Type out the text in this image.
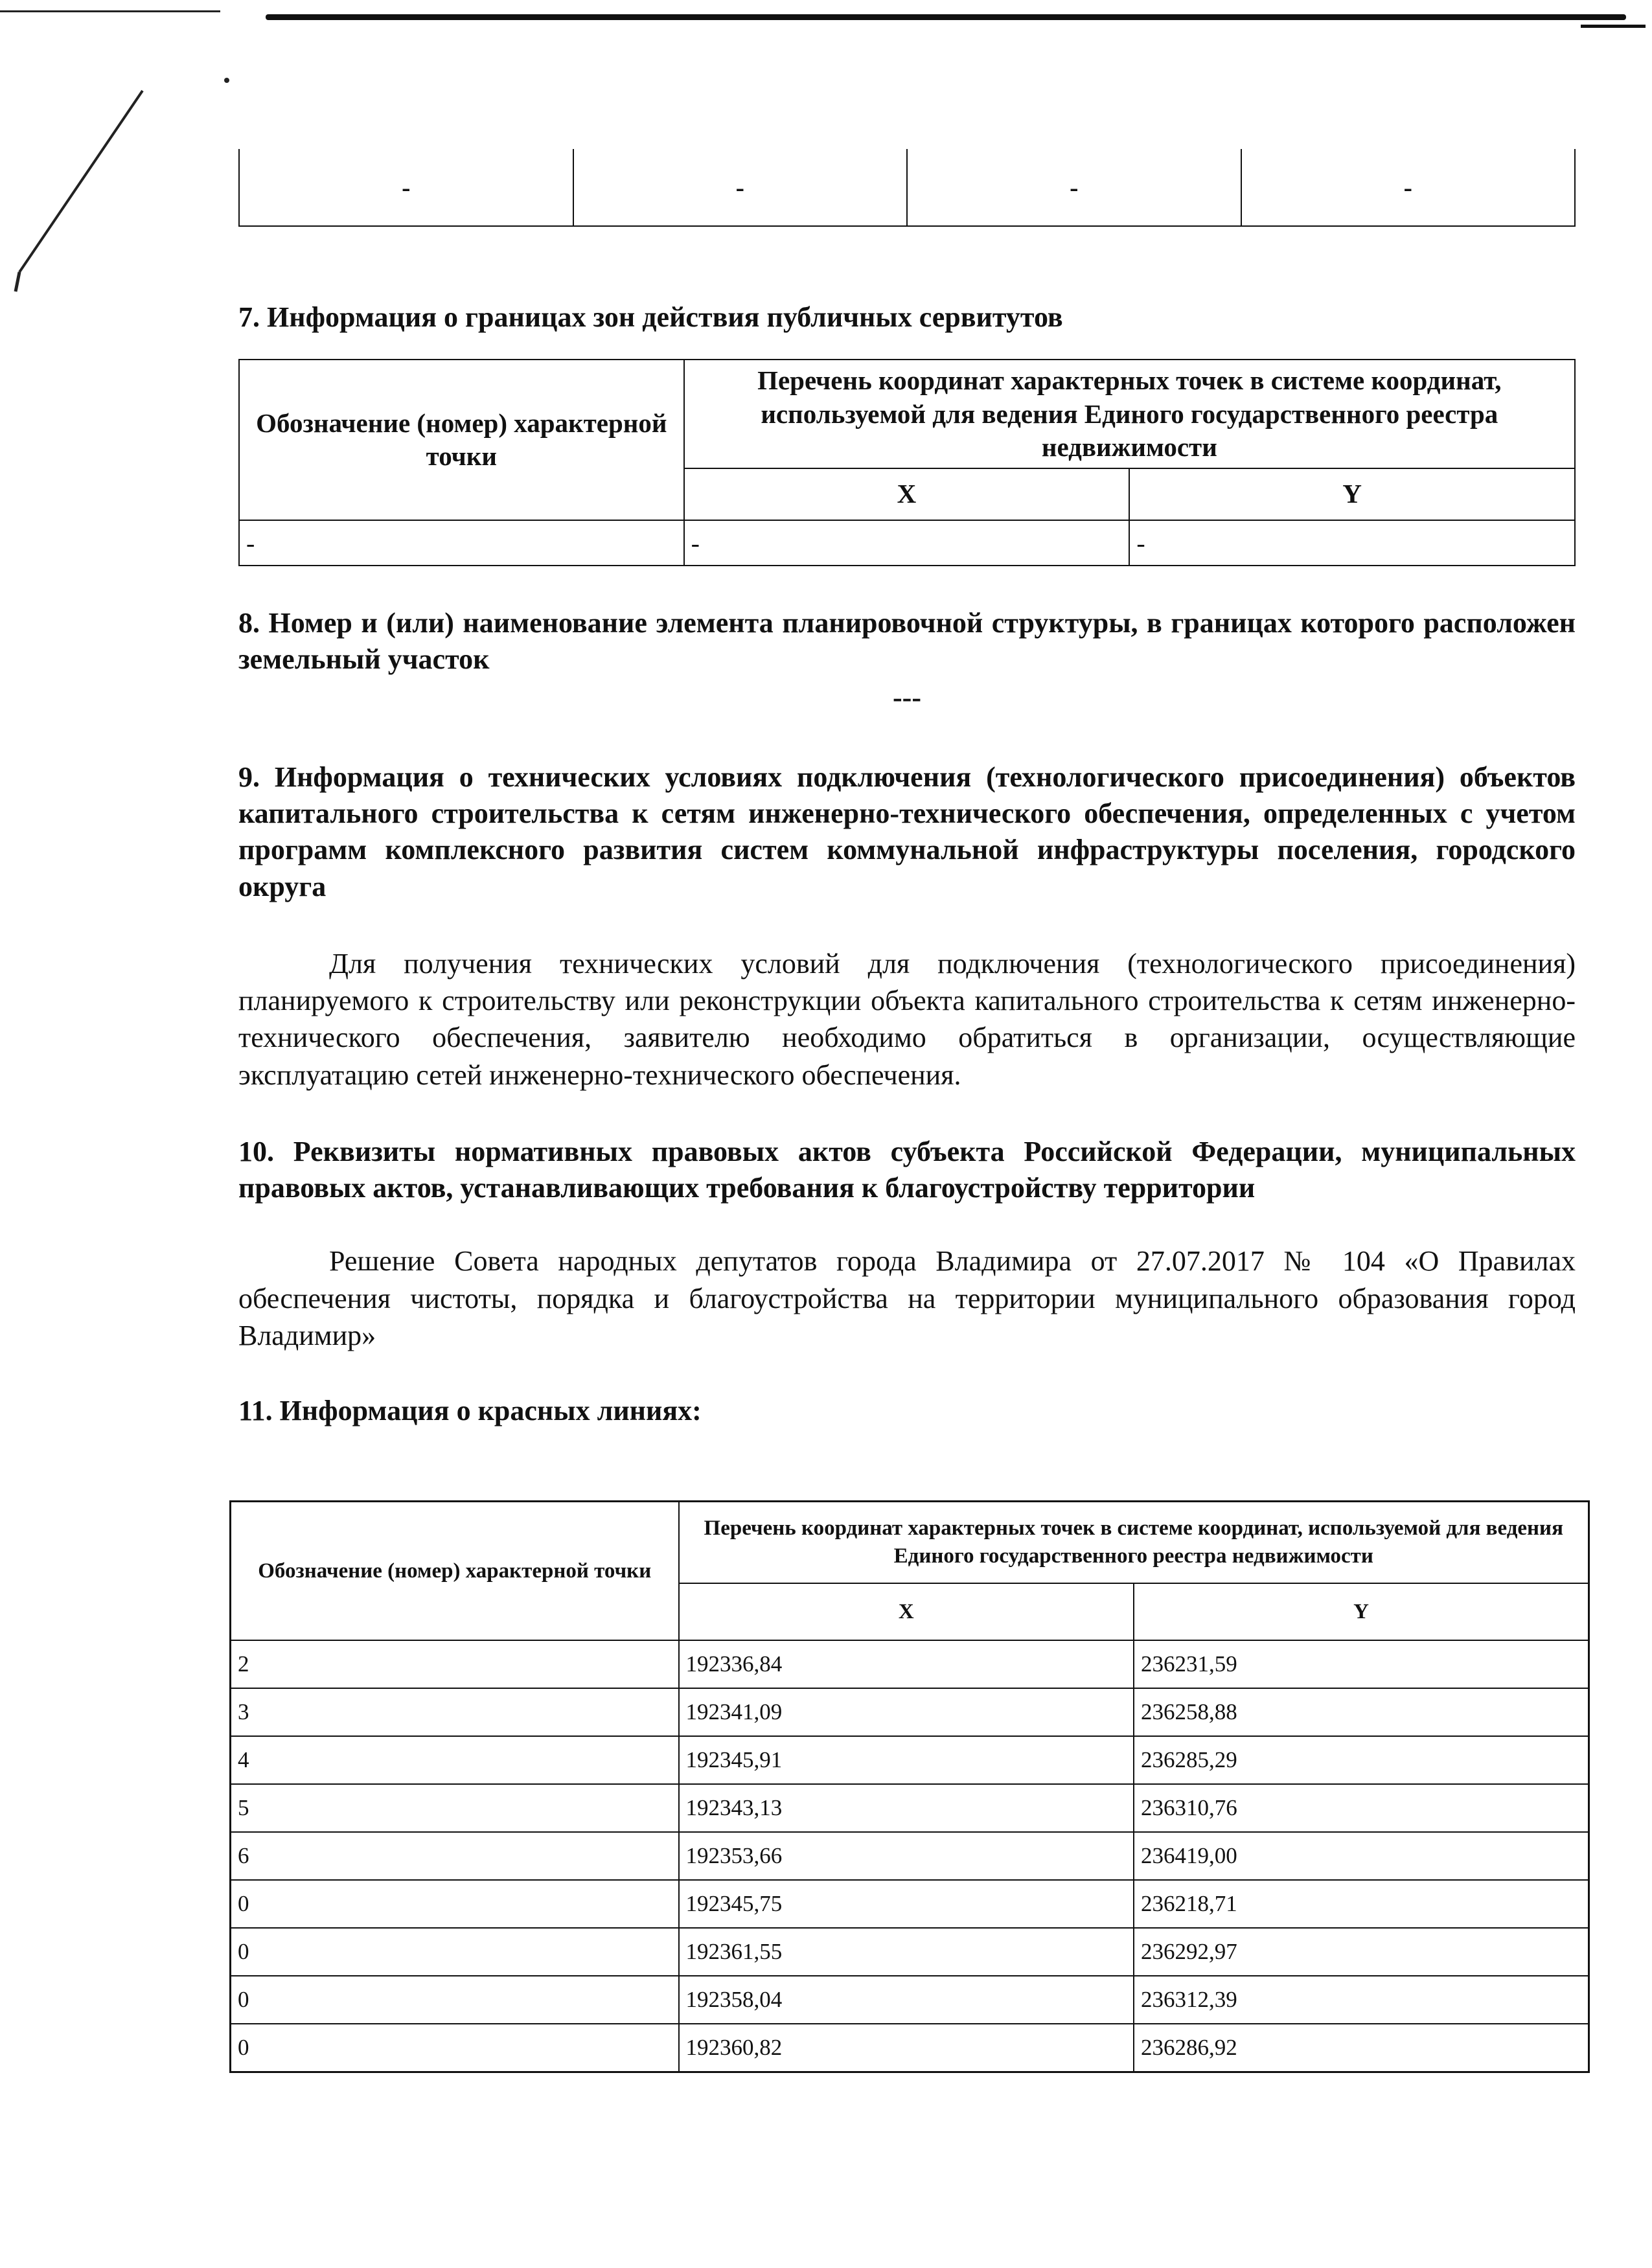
-	-	-	-
7. Информация о границах зон действия публичных сервитутов
Обозначение (номер) характерной точки	Перечень координат характерных точек в системе координат, используемой для ведения Единого государственного реестра недвижимости	
	X	Y
-	-	-
8. Номер и (или) наименование элемента планировочной структуры, в границах которого расположен земельный участок
---
9. Информация о технических условиях подключения (технологического присоединения) объектов капитального строительства к сетям инженерно-технического обеспечения, определенных с учетом программ комплексного развития систем коммунальной инфраструктуры поселения, городского округа

Для получения технических условий для подключения (технологического присоединения) планируемого к строительству или реконструкции объекта капитального строительства к сетям инженерно-технического обеспечения, заявителю необходимо обратиться в организации, осуществляющие эксплуатацию сетей инженерно-технического обеспечения.

10. Реквизиты нормативных правовых актов субъекта Российской Федерации, муниципальных правовых актов, устанавливающих требования к благоустройству территории

Решение Совета народных депутатов города Владимира от 27.07.2017 № 104 «О Правилах обеспечения чистоты, порядка и благоустройства на территории муниципального образования город Владимир»

11. Информация о красных линиях:
Обозначение (номер) характерной точки	Перечень координат характерных точек в системе координат, используемой для ведения Единого государственного реестра недвижимости	
	X	Y
2	192336,84	236231,59
3	192341,09	236258,88
4	192345,91	236285,29
5	192343,13	236310,76
6	192353,66	236419,00
0	192345,75	236218,71
0	192361,55	236292,97
0	192358,04	236312,39
0	192360,82	236286,92
